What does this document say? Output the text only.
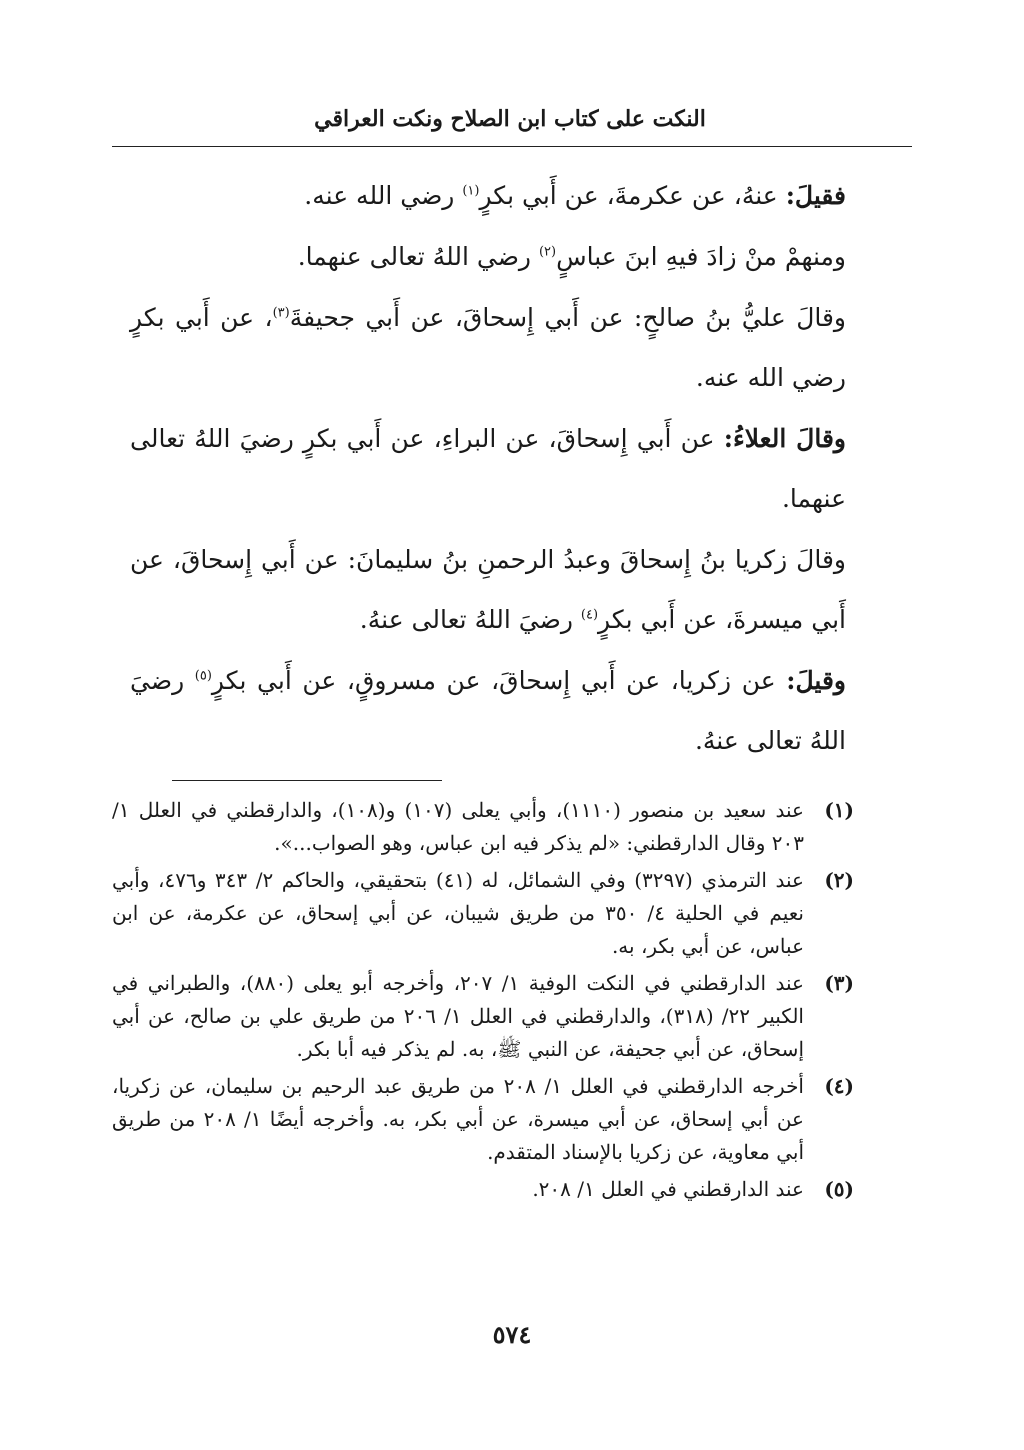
النكت على كتاب ابن الصلاح ونكت العراقي

فقيلَ: عنهُ، عن عكرمةَ، عن أَبي بكرٍ$^{(١)}$ رضي الله عنه.

ومنهمْ منْ زادَ فيهِ ابنَ عباسٍ$^{(٢)}$ رضي اللهُ تعالى عنهما.

وقالَ عليُّ بنُ صالحٍ: عن أَبي إِسحاقَ، عن أَبي جحيفةَ$^{(٣)}$، عن أَبي بكرٍ رضي الله عنه.

وقالَ العلاءُ: عن أَبي إِسحاقَ، عن البراءِ، عن أَبي بكرٍ رضيَ اللهُ تعالى عنهما.

وقالَ زكريا بنُ إِسحاقَ وعبدُ الرحمنِ بنُ سليمانَ: عن أَبي إِسحاقَ، عن أَبي ميسرةَ، عن أَبي بكرٍ$^{(٤)}$ رضيَ اللهُ تعالى عنهُ.

وقيلَ: عن زكريا، عن أَبي إِسحاقَ، عن مسروقٍ، عن أَبي بكرٍ$^{(٥)}$ رضيَ اللهُ تعالى عنهُ.

(١)
عند سعيد بن منصور (١١١٠)، وأبي يعلى (١٠٧) و(١٠٨)، والدارقطني في العلل ١/ ٢٠٣ وقال الدارقطني: «لم يذكر فيه ابن عباس، وهو الصواب...».
(٢)
عند الترمذي (٣٢٩٧) وفي الشمائل، له (٤١) بتحقيقي، والحاكم ٢/ ٣٤٣ و٤٧٦، وأبي نعيم في الحلية ٤/ ٣٥٠ من طريق شيبان، عن أبي إسحاق، عن عكرمة، عن ابن عباس، عن أبي بكر، به.
(٣)
عند الدارقطني في النكت الوفية ١/ ٢٠٧، وأخرجه أبو يعلى (٨٨٠)، والطبراني في الكبير ٢٢/ (٣١٨)، والدارقطني في العلل ١/ ٢٠٦ من طريق علي بن صالح، عن أبي إسحاق، عن أبي جحيفة، عن النبي ﷺ، به. لم يذكر فيه أبا بكر.
(٤)
أخرجه الدارقطني في العلل ١/ ٢٠٨ من طريق عبد الرحيم بن سليمان، عن زكريا، عن أبي إسحاق، عن أبي ميسرة، عن أبي بكر، به. وأخرجه أيضًا ١/ ٢٠٨ من طريق أبي معاوية، عن زكريا بالإسناد المتقدم.
(٥)
عند الدارقطني في العلل ١/ ٢٠٨.
٥٧٤
